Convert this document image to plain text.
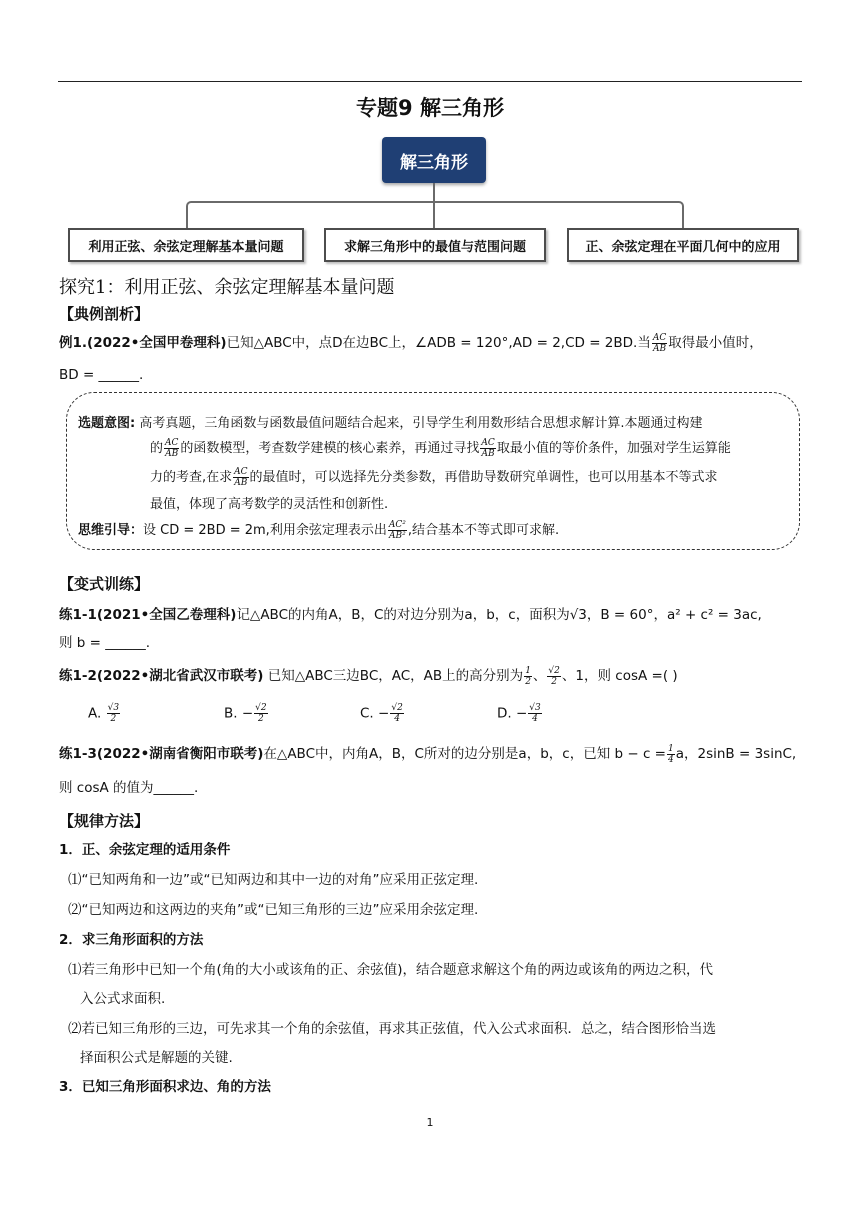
专题9 解三角形
解三角形
利用正弦、余弦定理解基本量问题	求解三角形中的最值与范围问题	正、余弦定理在平面几何中的应用
探究1：利用正弦、余弦定理解基本量问题
【典例剖析】
例1.(2022•全国甲卷理科)已知△ABC中，点D在边BC上，∠ADB = 120°,AD = 2,CD = 2BD.当 $\frac{AC}{AB}$ 取得最小值时，
BD = ______.
选题意图: 高考真题，三角函数与函数最值问题结合起来，引导学生利用数形结合思想求解计算.本题通过构建
的 $\frac{AC}{AB}$ 的函数模型，考查数学建模的核心素养，再通过寻找 $\frac{AC}{AB}$ 取最小值的等价条件，加强对学生运算能
力的考查,在求 $\frac{AC}{AB}$ 的最值时，可以选择先分类参数，再借助导数研究单调性，也可以用基本不等式求
最值，体现了高考数学的灵活性和创新性.
思维引导：设 CD = 2BD = 2m,利用余弦定理表示出 $\frac{\text{AC²}}{\text{AB²}}$ ,结合基本不等式即可求解.
【变式训练】
练1-1(2021•全国乙卷理科)记△ABC的内角A，B，C的对边分别为a，b，c，面积为√3，B = 60°，a² + c² = 3ac,
则 b = ______.
练1-2(2022•湖北省武汉市联考) 已知△ABC三边BC，AC，AB上的高分别为 $\frac{1}{2}$ 、 $\frac{√2}{2}$ 、1，则 cosA =( )
A. $\frac{√3}{2}$	B. − $\frac{√2}{2}$	C. − $\frac{√2}{4}$	D. − $\frac{√3}{4}$
练1-3(2022•湖南省衡阳市联考)在△ABC中，内角A，B，C所对的边分别是a，b，c，已知 $b - c = \frac{1}{4}$ a，2sinB = 3sinC,
则 cosA 的值为______.
【规律方法】
1．正、余弦定理的适用条件
⑴“已知两角和一边”或“已知两边和其中一边的对角”应采用正弦定理.
⑵“已知两边和这两边的夹角”或“已知三角形的三边”应采用余弦定理.
2．求三角形面积的方法
⑴若三角形中已知一个角(角的大小或该角的正、余弦值)，结合题意求解这个角的两边或该角的两边之积，代
入公式求面积.
⑵若已知三角形的三边，可先求其一个角的余弦值，再求其正弦值，代入公式求面积．总之，结合图形恰当选
择面积公式是解题的关键.
3．已知三角形面积求边、角的方法
1
